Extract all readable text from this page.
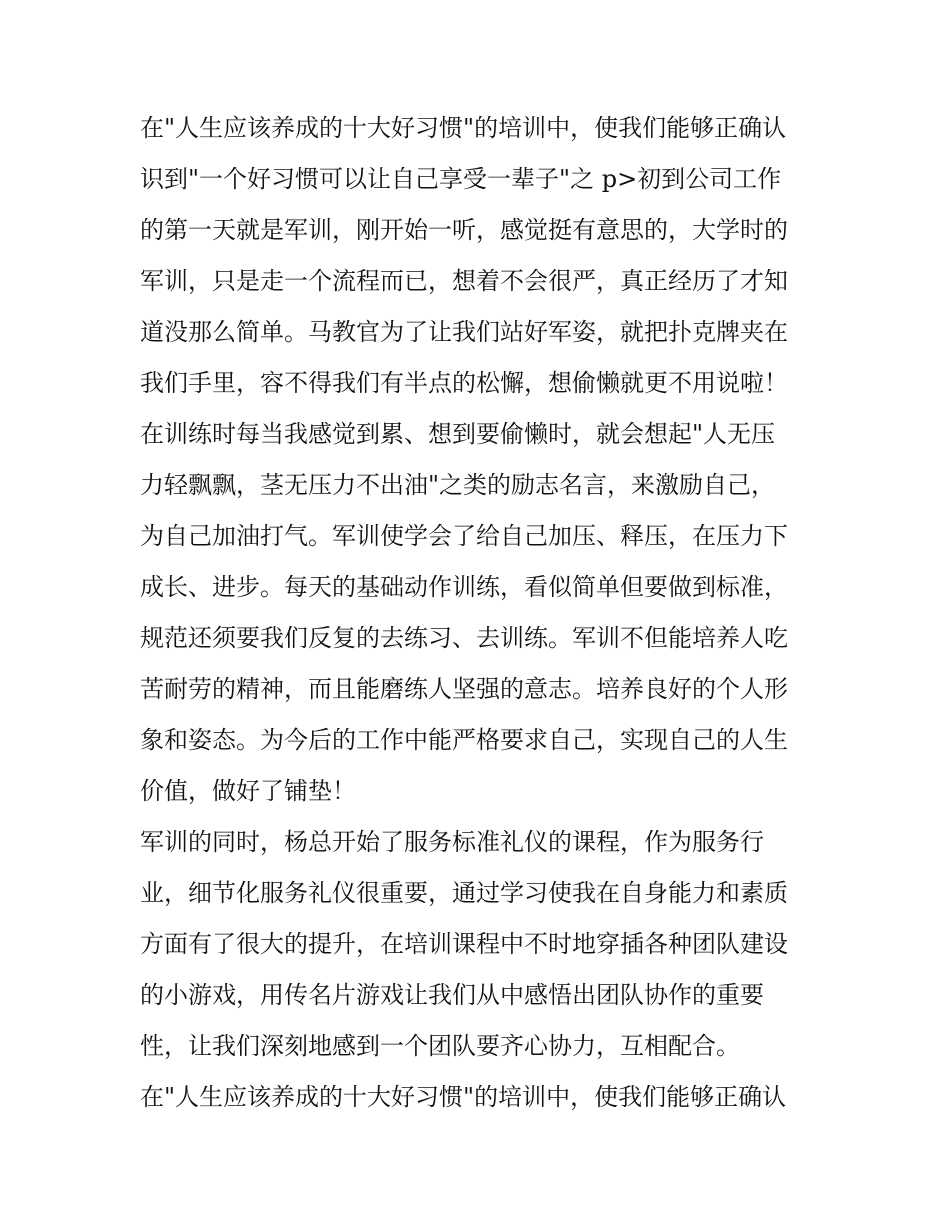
在"人生应该养成的十大好习惯"的培训中，使我们能够正确认
识到"一个好习惯可以让自己享受一辈子"之 p>初到公司工作
的第一天就是军训，刚开始一听，感觉挺有意思的，大学时的
军训，只是走一个流程而已，想着不会很严，真正经历了才知
道没那么简单。马教官为了让我们站好军姿，就把扑克牌夹在
我们手里，容不得我们有半点的松懈，想偷懒就更不用说啦！
在训练时每当我感觉到累、想到要偷懒时，就会想起"人无压
力轻飘飘，茎无压力不出油"之类的励志名言，来激励自己，
为自己加油打气。军训使学会了给自己加压、释压，在压力下
成长、进步。每天的基础动作训练，看似简单但要做到标准，
规范还须要我们反复的去练习、去训练。军训不但能培养人吃
苦耐劳的精神，而且能磨练人坚强的意志。培养良好的个人形
象和姿态。为今后的工作中能严格要求自己，实现自己的人生
价值，做好了铺垫！
军训的同时，杨总开始了服务标准礼仪的课程，作为服务行
业，细节化服务礼仪很重要，通过学习使我在自身能力和素质
方面有了很大的提升，在培训课程中不时地穿插各种团队建设
的小游戏，用传名片游戏让我们从中感悟出团队协作的重要
性，让我们深刻地感到一个团队要齐心协力，互相配合。
在"人生应该养成的十大好习惯"的培训中，使我们能够正确认
